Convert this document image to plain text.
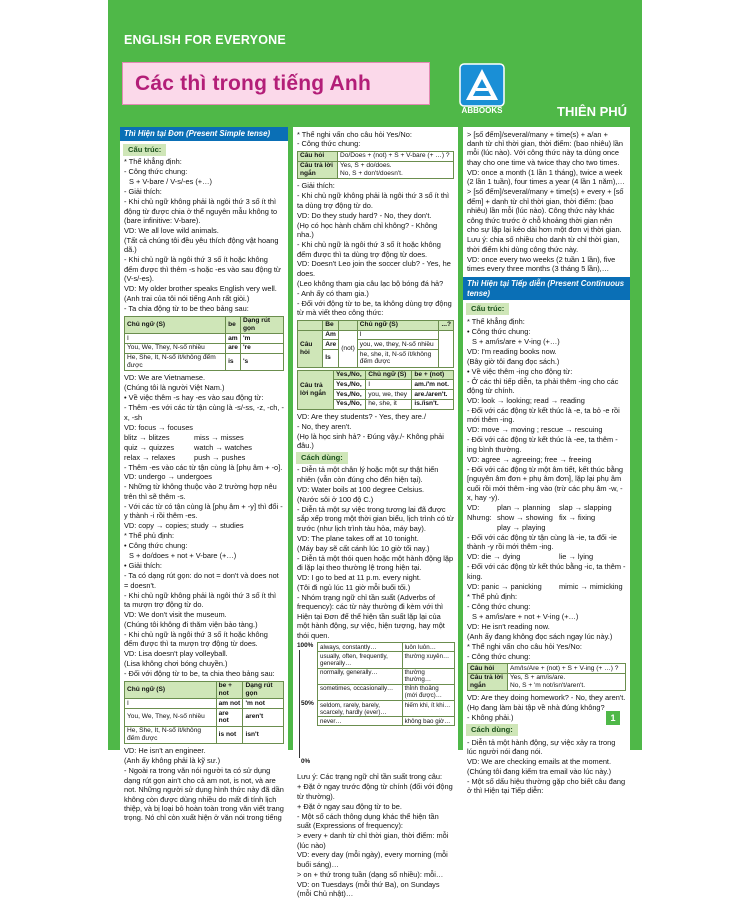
ENGLISH FOR EVERYONE
Các thì trong tiếng Anh
ABBOOKS	THIÊN PHÚ
Thì Hiện tại Đơn (Present Simple tense)
Cấu trúc:
* Thể khẳng định:
- Công thức chung:
S + V-bare / V-s/-es (+…)
- Giải thích:
- Khi chủ ngữ không phải là ngôi thứ 3 số ít thì động từ được chia ở thể nguyên mẫu không to (bare infinitive: V-bare).
VD: We all love wild animals.
(Tất cả chúng tôi đều yêu thích động vật hoang dã.)
- Khi chủ ngữ là ngôi thứ 3 số ít hoặc không đếm được thì thêm -s hoặc -es vào sau động từ (V-s/-es).
VD: My older brother speaks English very well.
(Anh trai của tôi nói tiếng Anh rất giỏi.)
- Ta chia động từ to be theo bảng sau:
Chủ ngữ (S)	be	Dạng rút gọn
I	am	'm
You, We, They, N-số nhiều	are	're
He, She, It, N-số ít/không đếm được	is	's
VD: We are Vietnamese.
(Chúng tôi là người Việt Nam.)
• Về việc thêm -s hay -es vào sau động từ:
- Thêm -es với các từ tận cùng là -s/-ss, -z, -ch, -x, -sh
VD: focus → focuses
blitz → blitzes	miss → misses
quiz → quizzes	watch → watches
relax → relaxes	push → pushes
- Thêm -es vào các từ tận cùng là [phụ âm + -o].
VD: undergo → undergoes
- Những từ không thuộc vào 2 trường hợp nêu trên thì sẽ thêm -s.
- Với các từ có tận cùng là [phụ âm + -y] thì đổi -y thành -i rồi thêm -es.
VD: copy → copies; study → studies
* Thể phủ định:
• Công thức chung:
S + do/does + not + V-bare (+…)
• Giải thích:
- Ta có dạng rút gọn: do not = don't và does not = doesn't.
- Khi chủ ngữ không phải là ngôi thứ 3 số ít thì ta mượn trợ động từ do.
VD: We don't visit the museum.
(Chúng tôi không đi thăm viện bảo tàng.)
- Khi chủ ngữ là ngôi thứ 3 số ít hoặc không đếm được thì ta mượn trợ động từ does.
VD: Lisa doesn't play volleyball.
(Lisa không chơi bóng chuyền.)
- Đối với động từ to be, ta chia theo bảng sau:
Chủ ngữ (S)	be + not	Dạng rút gọn
I	am not	'm not
You, We, They, N-số nhiều	are not	aren't
He, She, It, N-số ít/không đếm được	is not	isn't
VD: He isn't an engineer.
(Anh ấy không phải là kỹ sư.)
- Ngoài ra trong văn nói người ta có sử dụng dạng rút gọn ain't cho cả am not, is not, và are not. Những người sử dụng hình thức này đã dần không còn được dùng nhiều do mất đi tính lịch thiệp, và bị loại bỏ hoàn toàn trong văn viết trang trọng. Nó chỉ còn xuất hiện ở văn nói trong tiếng
* Thể nghi vấn cho câu hỏi Yes/No:
- Công thức chung:
Câu hỏi	Do/Does + (not) + S + V-bare (+ …) ?
Câu trả lời ngắn	Yes, S + do/does.
No, S + don't/doesn't.
- Giải thích:
- Khi chủ ngữ không phải là ngôi thứ 3 số ít thì ta dùng trợ động từ do.
VD: Do they study hard? - No, they don't.
(Họ có học hành chăm chỉ không? - Không nha.)
- Khi chủ ngữ là ngôi thứ 3 số ít hoặc không đếm được thì ta dùng trợ động từ does.
VD: Doesn't Leo join the soccer club? - Yes, he does.
(Leo không tham gia câu lạc bộ bóng đá hả?
- Anh ấy có tham gia.)
- Đối với động từ to be, ta không dùng trợ động từ mà viết theo công thức:
	Be		Chủ ngữ (S)	...?
Câu hỏi	Am	(not)	I	
	Are		you, we, they, N-số nhiều	
	Is		he, she, it, N-số ít/không đếm được	
Câu trả lời ngắn	Yes,/No,	Chủ ngữ (S)	be + (not)
	Yes,/No,	I	am./'m not.
	Yes,/No,	you, we, they	are./aren't.
	Yes,/No,	he, she, it	is./isn't.
VD: Are they students? - Yes, they are./
- No, they aren't.
(Họ là học sinh hả? - Đúng vậy./- Không phải đâu.)
Cách dùng:
- Diễn tả một chân lý hoặc một sự thật hiển nhiên (vẫn còn đúng cho đến hiện tại).
VD: Water boils at 100 degree Celsius.
(Nước sôi ở 100 độ C.)
- Diễn tả một sự việc trong tương lai đã được sắp xếp trong một thời gian biểu, lịch trình có từ trước (như lịch trình tàu hỏa, máy bay).
VD: The plane takes off at 10 tonight.
(Máy bay sẽ cất cánh lúc 10 giờ tối nay.)
- Diễn tả một thói quen hoặc một hành động lặp đi lặp lại theo thường lệ trong hiện tại.
VD: I go to bed at 11 p.m. every night.
(Tôi đi ngủ lúc 11 giờ mỗi buổi tối.)
- Nhóm trạng ngữ chỉ tần suất (Adverbs of frequency): các từ này thường đi kèm với thì Hiện tại Đơn để thể hiện tần suất lặp lại của một hành động, sự việc, hiện tượng, hay một thói quen.
100%
50%
0%
always, constantly…	luôn luôn…
usually, often, frequently, generally…	thường xuyên…
normally, generally…	thường thường…
sometimes, occasionally…	thỉnh thoảng (mới được)…
seldom, rarely, barely, scarcely, hardly (ever)…	hiếm khi, ít khi…
never…	không bao giờ…
Lưu ý: Các trạng ngữ chỉ tần suất trong câu:
+ Đặt ở ngay trước động từ chính (đối với động từ thường).
+ Đặt ở ngay sau động từ to be.
- Một số cách thông dụng khác thể hiện tần suất (Expressions of frequency):
> every + danh từ chỉ thời gian, thời điểm: mỗi (lúc nào)
VD: every day (mỗi ngày), every morning (mỗi buổi sáng)…
> on + thứ trong tuần (dạng số nhiều): mỗi…
VD: on Tuesdays (mỗi thứ Ba), on Sundays (mỗi Chủ nhật)…
> [số đếm]/several/many + time(s) + a/an + danh từ chỉ thời gian, thời điểm: (bao nhiêu) lần mỗi (lúc nào). Với công thức này ta dùng once thay cho one time và twice thay cho two times.
VD: once a month (1 lần 1 tháng), twice a week (2 lần 1 tuần), four times a year (4 lần 1 năm),…
> [số đếm]/several/many + time(s) + every + [số đếm] + danh từ chỉ thời gian, thời điểm: (bao nhiêu) lần mỗi (lúc nào). Công thức này khác công thức trước ở chỗ khoảng thời gian nên cho sự lặp lại kéo dài hơn một đơn vị thời gian.
Lưu ý: chia số nhiều cho danh từ chỉ thời gian, thời điểm khi dùng công thức này.
VD: once every two weeks (2 tuần 1 lần), five times every three months (3 tháng 5 lần),…
Thì Hiện tại Tiếp diễn (Present Continuous tense)
Cấu trúc:
* Thể khẳng định:
• Công thức chung:
S + am/is/are + V-ing (+…)
VD: I'm reading books now.
(Bây giờ tôi đang đọc sách.)
• Về việc thêm -ing cho động từ:
- Ở các thì tiếp diễn, ta phải thêm -ing cho các động từ chính.
VD: look → looking; read → reading
- Đối với các động từ kết thúc là -e, ta bỏ -e rồi mới thêm -ing.
VD: move → moving ; rescue → rescuing
- Đối với các động từ kết thúc là -ee, ta thêm -ing bình thường.
VD: agree → agreeing; free → freeing
- Đối với các động từ một âm tiết, kết thúc bằng [nguyên âm đơn + phụ âm đơn], lặp lại phụ âm cuối rồi mới thêm -ing vào (trừ các phụ âm -w, -x, hay -y).
VD:	plan → planning	slap → slapping
Nhưng: show → showing fix → fixing
play → playing
- Đối với các động từ tận cùng là -ie, ta đổi -ie thành -y rồi mới thêm -ing.
VD: die → dying	lie → lying
- Đối với các động từ kết thúc bằng -ic, ta thêm -king.
VD: panic → panicking	mimic → mimicking
* Thể phủ định:
- Công thức chung:
S + am/is/are + not + V-ing (+…)
VD: He isn't reading now.
(Anh ấy đang không đọc sách ngay lúc này.)
* Thể nghi vấn cho câu hỏi Yes/No:
- Công thức chung:
Câu hỏi	Am/Is/Are + (not) + S + V-ing (+ …) ?
Câu trả lời ngắn	Yes, S + am/is/are.
No, S + 'm not/isn't/aren't.
VD: Are they doing homework? - No, they aren't.
(Họ đang làm bài tập về nhà đúng không?
- Không phải.)
Cách dùng:
- Diễn tả một hành động, sự việc xảy ra trong lúc người nói đang nói.
VD: We are checking emails at the moment.
(Chúng tôi đang kiểm tra email vào lúc này.)
- Một số dấu hiệu thường gặp cho biết câu đang ở thì Hiện tại Tiếp diễn:
1
